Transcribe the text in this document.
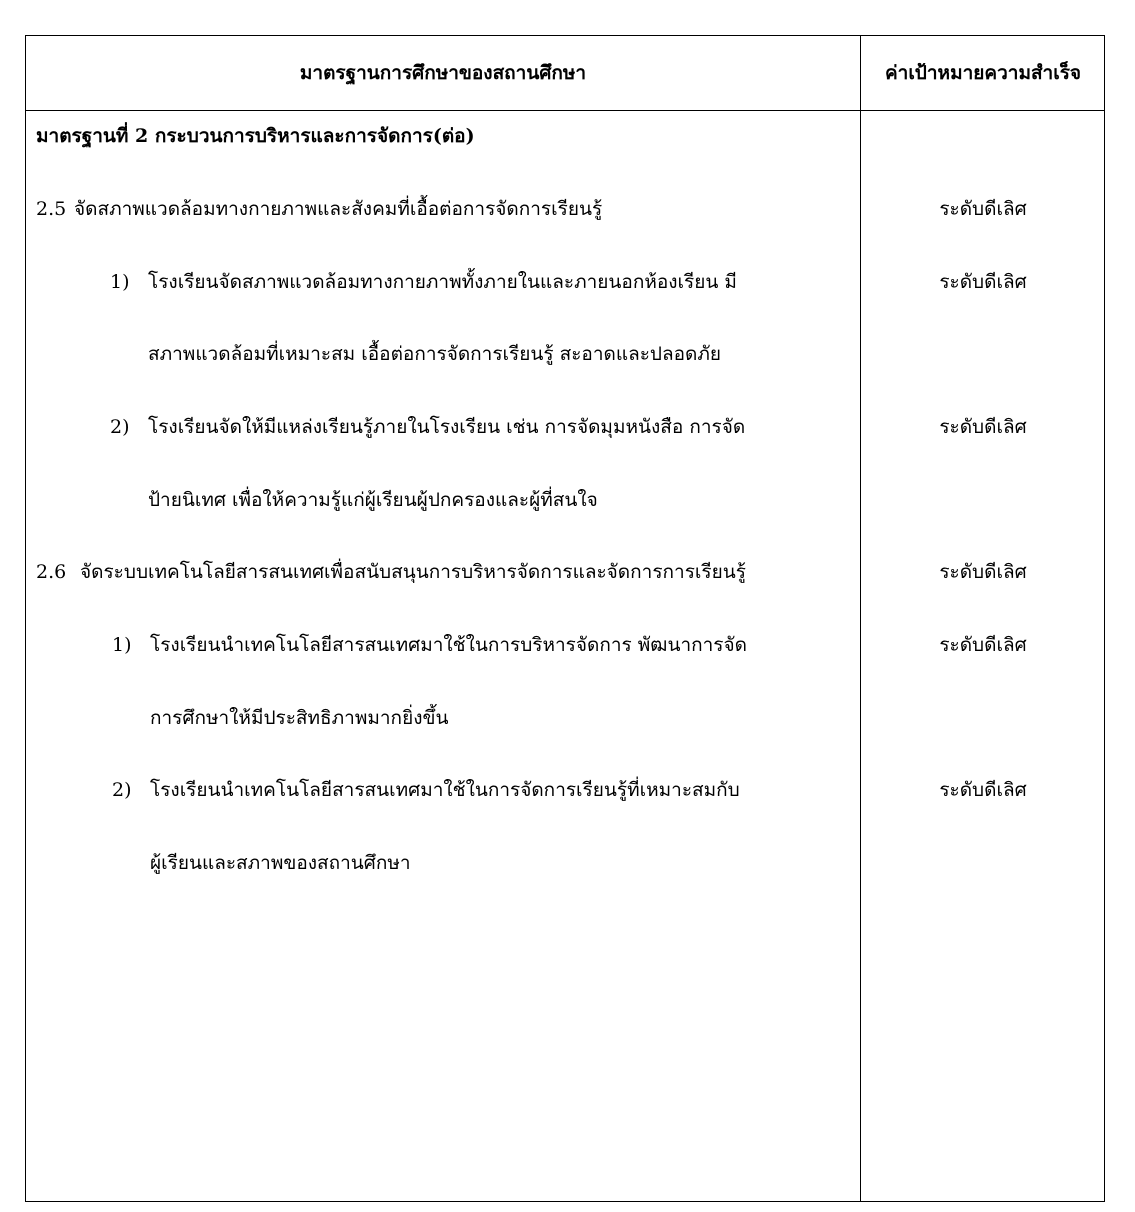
มาตรฐานการศึกษาของสถานศึกษา	ค่าเป้าหมายความสำเร็จ
มาตรฐานที่ 2 กระบวนการบริหารและการจัดการ(ต่อ)
2.5 จัดสภาพแวดล้อมทางกายภาพและสังคมที่เอื้อต่อการจัดการเรียนรู้	ระดับดีเลิศ
1) โรงเรียนจัดสภาพแวดล้อมทางกายภาพทั้งภายในและภายนอกห้องเรียน มี	ระดับดีเลิศ
สภาพแวดล้อมที่เหมาะสม เอื้อต่อการจัดการเรียนรู้ สะอาดและปลอดภัย
2) โรงเรียนจัดให้มีแหล่งเรียนรู้ภายในโรงเรียน เช่น การจัดมุมหนังสือ การจัด	ระดับดีเลิศ
ป้ายนิเทศ เพื่อให้ความรู้แก่ผู้เรียนผู้ปกครองและผู้ที่สนใจ
2.6 จัดระบบเทคโนโลยีสารสนเทศเพื่อสนับสนุนการบริหารจัดการและจัดการการเรียนรู้	ระดับดีเลิศ
1) โรงเรียนนำเทคโนโลยีสารสนเทศมาใช้ในการบริหารจัดการ พัฒนาการจัด	ระดับดีเลิศ
การศึกษาให้มีประสิทธิภาพมากยิ่งขึ้น
2) โรงเรียนนำเทคโนโลยีสารสนเทศมาใช้ในการจัดการเรียนรู้ที่เหมาะสมกับ	ระดับดีเลิศ
ผู้เรียนและสภาพของสถานศึกษา
